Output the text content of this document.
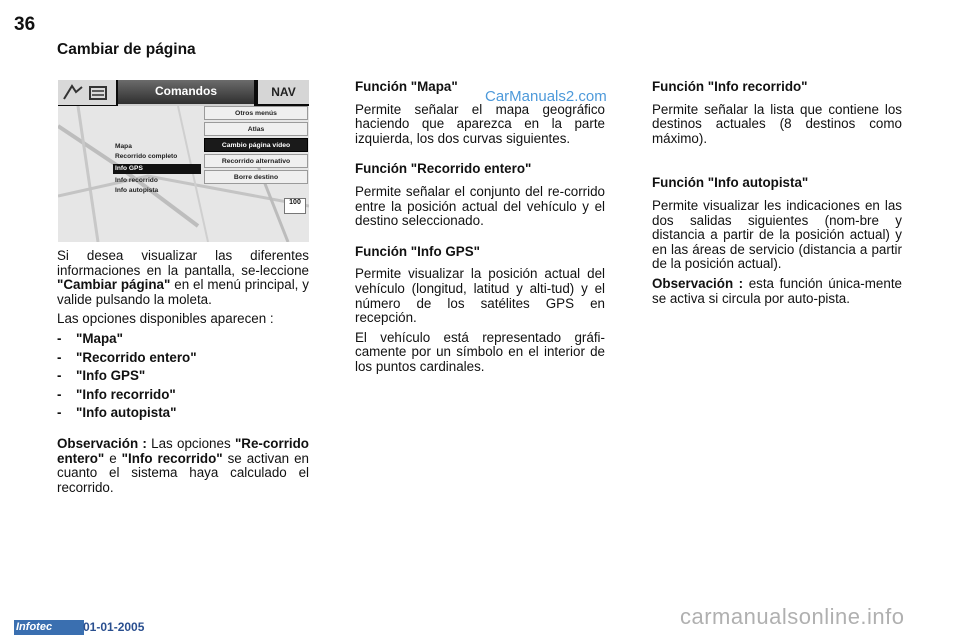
36
Cambiar de página
Comandos	NAV
Otros menús
Atlas
Cambio página vídeo
Recorrido alternativo
Borre destino
Mapa
Recorrido completo
Info GPS
Info recorrido
Info autopista
100

Si desea visualizar las diferentes informaciones en la pantalla, se-leccione "Cambiar página" en el menú principal, y valide pulsando la moleta.

Las opciones disponibles aparecen :

- "Mapa"
- "Recorrido entero"
- "Info GPS"
- "Info recorrido"
- "Info autopista"

Observación : Las opciones "Re-corrido entero" e "Info recorrido" se activan en cuanto el sistema haya calculado el recorrido.

Función "Mapa"

Permite señalar el mapa geográfico haciendo que aparezca en la parte izquierda, los dos curvas siguientes.

Función "Recorrido entero"

Permite señalar el conjunto del re-corrido entre la posición actual del vehículo y el destino seleccionado.

Función "Info GPS"

Permite visualizar la posición actual del vehículo (longitud, latitud y alti-tud) y el número de los satélites GPS en recepción.

El vehículo está representado gráfi-camente por un símbolo en el interior de los puntos cardinales.

Función "Info recorrido"

Permite señalar la lista que contiene los destinos actuales (8 destinos como máximo).

Función "Info autopista"

Permite visualizar les indicaciones en las dos salidas siguientes (nom-bre y distancia a partir de la posición actual) y en las áreas de servicio (distancia a partir de la posición actual).

Observación : esta función única-mente se activa si circula por auto-pista.

CarManuals2.com
Infotec	01-01-2005	carmanualsonline.info
